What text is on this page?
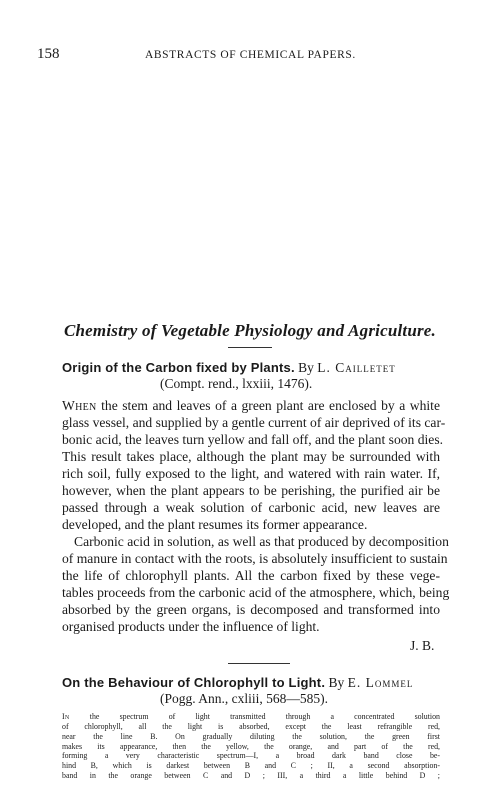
158	ABSTRACTS OF CHEMICAL PAPERS.
Chemistry of Vegetable Physiology and Agriculture.
Origin of the Carbon fixed by Plants. By L. Cailletet
(Compt. rend., lxxiii, 1476).
When the stem and leaves of a green plant are enclosed by a white
glass vessel, and supplied by a gentle current of air deprived of its car-
bonic acid, the leaves turn yellow and fall off, and the plant soon dies.
This result takes place, although the plant may be surrounded with
rich soil, fully exposed to the light, and watered with rain water. If,
however, when the plant appears to be perishing, the purified air be
passed through a weak solution of carbonic acid, new leaves are
developed, and the plant resumes its former appearance.
Carbonic acid in solution, as well as that produced by decomposition
of manure in contact with the roots, is absolutely insufficient to sustain
the life of chlorophyll plants. All the carbon fixed by these vege-
tables proceeds from the carbonic acid of the atmosphere, which, being
absorbed by the green organs, is decomposed and transformed into
organised products under the influence of light.
J. B.
On the Behaviour of Chlorophyll to Light. By E. Lommel
(Pogg. Ann., cxliii, 568—585).
In the spectrum of light transmitted through a concentrated solution
of chlorophyll, all the light is absorbed, except the least refrangible red,
near the line B. On gradually diluting the solution, the green first
makes its appearance, then the yellow, the orange, and part of the red,
forming a very characteristic spectrum—I, a broad dark band close be-
hind B, which is darkest between B and C ; II, a second absorption-
band in the orange between C and D ; III, a third a little behind D ;
